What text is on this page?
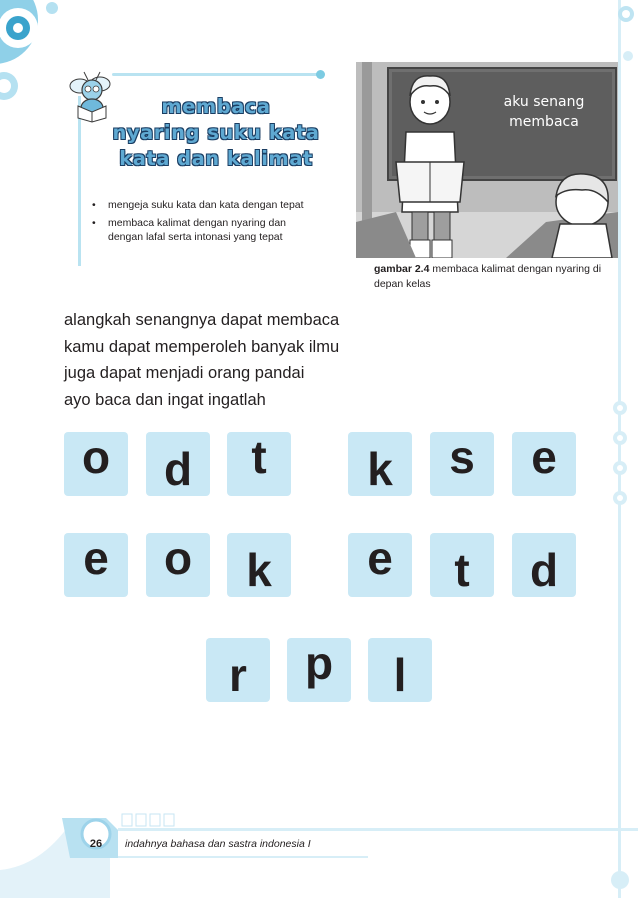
membaca
nyaring suku kata
kata dan kalimat
• mengeja suku kata dan kata dengan tepat
• membaca kalimat dengan nyaring dan dengan lafal serta intonasi yang tepat
aku senang
membaca
gambar 2.4 membaca kalimat dengan nyaring di depan kelas
alangkah senangnya dapat membaca
kamu dapat memperoleh banyak ilmu
juga dapat menjadi orang pandai
ayo baca dan ingat ingatlah
o	d	t	k	s	e
e	o	k	e	t	d
r	p	l
26	indahnya bahasa dan sastra indonesia I
